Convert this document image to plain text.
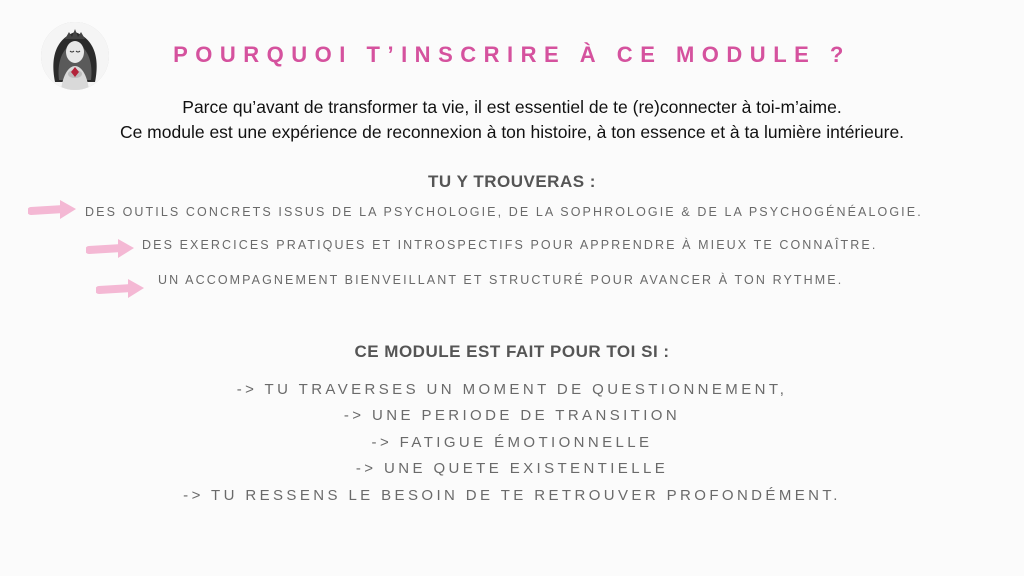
POURQUOI T’INSCRIRE À CE MODULE ?
Parce qu’avant de transformer ta vie, il est essentiel de te (re)connecter à toi-m’aime.
Ce module est une expérience de reconnexion à ton histoire, à ton essence et à ta lumière intérieure.
TU Y TROUVERAS :
DES OUTILS CONCRETS ISSUS DE LA PSYCHOLOGIE, DE LA SOPHROLOGIE & DE LA PSYCHOGÉNÉALOGIE.
DES EXERCICES PRATIQUES ET INTROSPECTIFS POUR APPRENDRE À MIEUX TE CONNAÎTRE.
UN ACCOMPAGNEMENT BIENVEILLANT ET STRUCTURÉ POUR AVANCER À TON RYTHME.
CE MODULE EST FAIT POUR TOI SI :
-> TU TRAVERSES UN MOMENT DE QUESTIONNEMENT,
-> UNE PERIODE DE TRANSITION
-> FATIGUE ÉMOTIONNELLE
-> UNE QUETE EXISTENTIELLE
-> TU RESSENS LE BESOIN DE TE RETROUVER PROFONDÉMENT.
